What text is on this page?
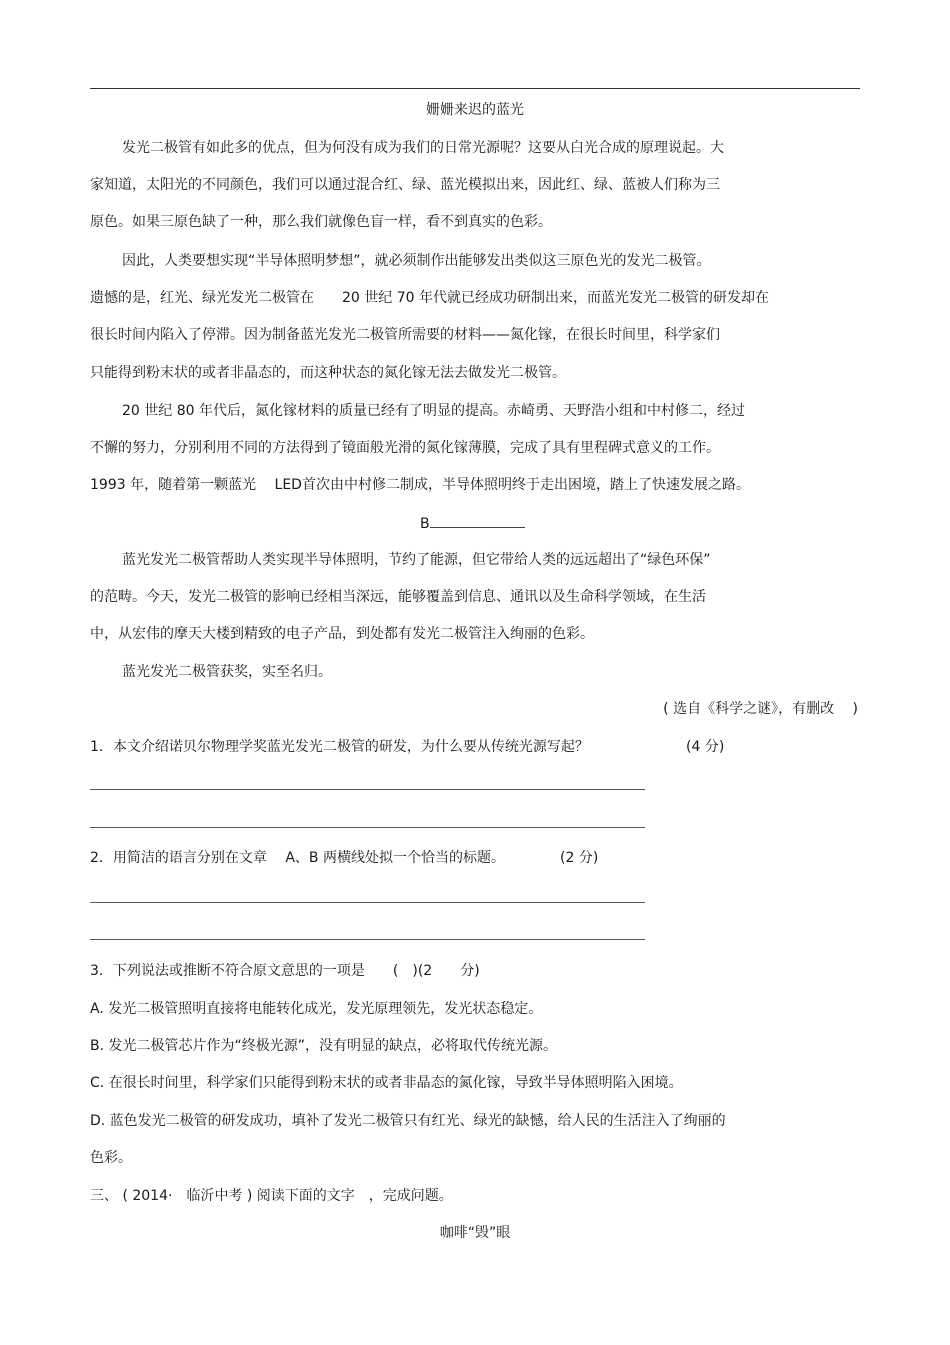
姗姗来迟的蓝光
发光二极管有如此多的优点，但为何没有成为我们的日常光源呢？这要从白光合成的原理说起。大
家知道，太阳光的不同颜色，我们可以通过混合红、绿、蓝光模拟出来，因此红、绿、蓝被人们称为三
原色。如果三原色缺了一种，那么我们就像色盲一样，看不到真实的色彩。
因此，人类要想实现“半导体照明梦想”，就必须制作出能够发出类似这三原色光的发光二极管。
遗憾的是，红光、绿光发光二极管在　　20 世纪 70 年代就已经成功研制出来，而蓝光发光二极管的研发却在
很长时间内陷入了停滞。因为制备蓝光发光二极管所需要的材料——氮化镓，在很长时间里，科学家们
只能得到粉末状的或者非晶态的，而这种状态的氮化镓无法去做发光二极管。
20 世纪 80 年代后，氮化镓材料的质量已经有了明显的提高。赤崎勇、天野浩小组和中村修二，经过
不懈的努力，分别利用不同的方法得到了镜面般光滑的氮化镓薄膜，完成了具有里程碑式意义的工作。
1993 年，随着第一颗蓝光　 LED首次由中村修二制成，半导体照明终于走出困境，踏上了快速发展之路。
B
蓝光发光二极管帮助人类实现半导体照明，节约了能源，但它带给人类的远远超出了“绿色环保”
的范畴。今天，发光二极管的影响已经相当深远，能够覆盖到信息、通讯以及生命科学领域，在生活
中，从宏伟的摩天大楼到精致的电子产品，到处都有发光二极管注入绚丽的色彩。
蓝光发光二极管获奖，实至名归。
( 选自《科学之谜》，有删改　 )
1．本文介绍诺贝尔物理学奖蓝光发光二极管的研发，为什么要从传统光源写起？	(4 分)
2．用简洁的语言分别在文章　 A、B 两横线处拟一个恰当的标题。	(2 分)
3．下列说法或推断不符合原文意思的一项是　　(　)(2　　分)
A. 发光二极管照明直接将电能转化成光，发光原理领先，发光状态稳定。
B. 发光二极管芯片作为“终极光源”，没有明显的缺点，必将取代传统光源。
C. 在很长时间里，科学家们只能得到粉末状的或者非晶态的氮化镓，导致半导体照明陷入困境。
D. 蓝色发光二极管的研发成功，填补了发光二极管只有红光、绿光的缺憾，给人民的生活注入了绚丽的
色彩。
三、 ( 2014·　临沂中考 ) 阅读下面的文字　，完成问题。
咖啡“毁”眼
